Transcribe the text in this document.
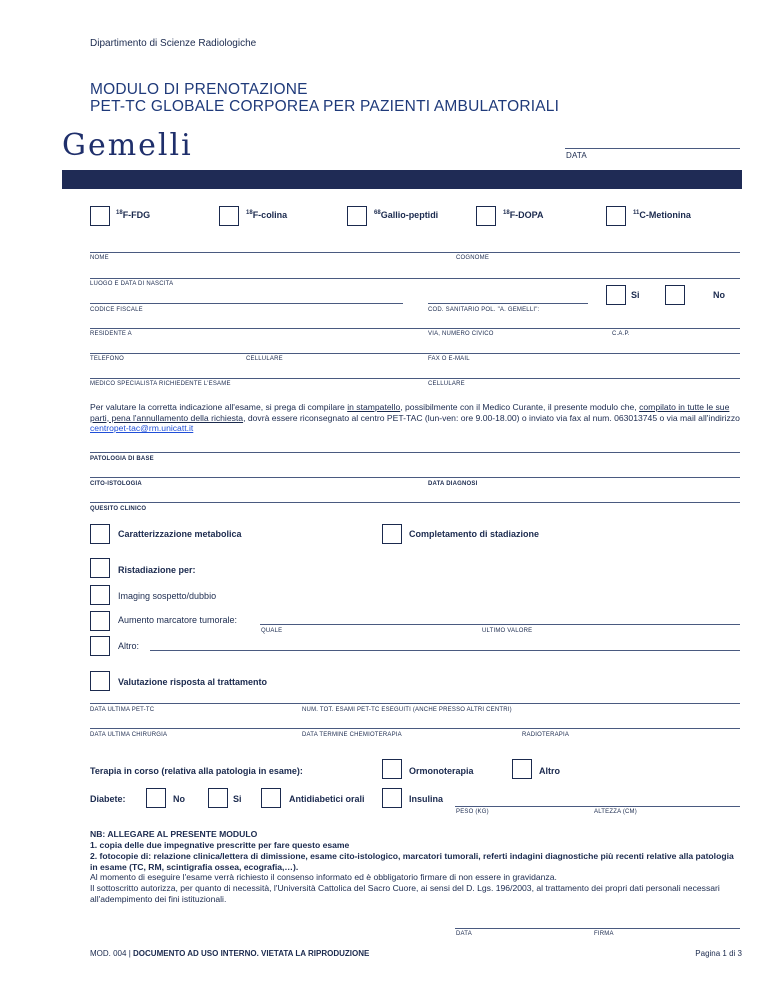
Dipartimento di Scienze Radiologiche
MODULO DI PRENOTAZIONE
PET-TC GLOBALE CORPOREA PER PAZIENTI AMBULATORIALI
Gemelli	DATA
$^{18}$F-FDG	$^{18}$F-colina	$^{68}$Gallio-peptidi	$^{18}$F-DOPA	$^{11}$C-Metionina
NOME	COGNOME
LUOGO E DATA DI NASCITA
Si	No
CODICE FISCALE	COD. SANITARIO POL. "A. GEMELLI":
RESIDENTE A	VIA, NUMERO CIVICO	C.A.P.
TELEFONO	CELLULARE	FAX O E-MAIL
MEDICO SPECIALISTA RICHIEDENTE L'ESAME	CELLULARE
Per valutare la corretta indicazione all'esame, si prega di compilare in stampatello, possibilmente con il Medico Curante, il presente modulo che, compilato in tutte le sue parti, pena l'annullamento della richiesta, dovrà essere riconsegnato al centro PET-TAC (lun-ven: ore 9.00-18.00) o inviato via fax al num. 063013745 o via mail all'indirizzo centropet-tac@rm.unicatt.it
PATOLOGIA DI BASE
CITO-ISTOLOGIA	DATA DIAGNOSI
QUESITO CLINICO
Caratterizzazione metabolica	Completamento di stadiazione
Ristadiazione per:
Imaging sospetto/dubbio
Aumento marcatore tumorale:
QUALE	ULTIMO VALORE
Altro:
Valutazione risposta al trattamento
DATA ULTIMA PET-TC	NUM. TOT. ESAMI PET-TC ESEGUITI (ANCHE PRESSO ALTRI CENTRI)
DATA ULTIMA CHIRURGIA	DATA TERMINE CHEMIOTERAPIA	RADIOTERAPIA
Terapia in corso (relativa alla patologia in esame):	Ormonoterapia	Altro
Diabete:	No	Si	Antidiabetici orali	Insulina
PESO (KG)	ALTEZZA (CM)
NB: ALLEGARE AL PRESENTE MODULO
1. copia delle due impegnative prescritte per fare questo esame
2. fotocopie di: relazione clinica/lettera di dimissione, esame cito-istologico, marcatori tumorali, referti indagini diagnostiche più recenti relative alla patologia in esame (TC, RM, scintigrafia ossea, ecografia,…).
Al momento di eseguire l'esame verrà richiesto il consenso informato ed è obbligatorio firmare di non essere in gravidanza.
Il sottoscritto autorizza, per quanto di necessità, l'Università Cattolica del Sacro Cuore, ai sensi del D. Lgs. 196/2003, al trattamento dei propri dati personali necessari all'adempimento dei fini istituzionali.
DATA	FIRMA
MOD. 004 | DOCUMENTO AD USO INTERNO. VIETATA LA RIPRODUZIONE	Pagina 1 di 3
